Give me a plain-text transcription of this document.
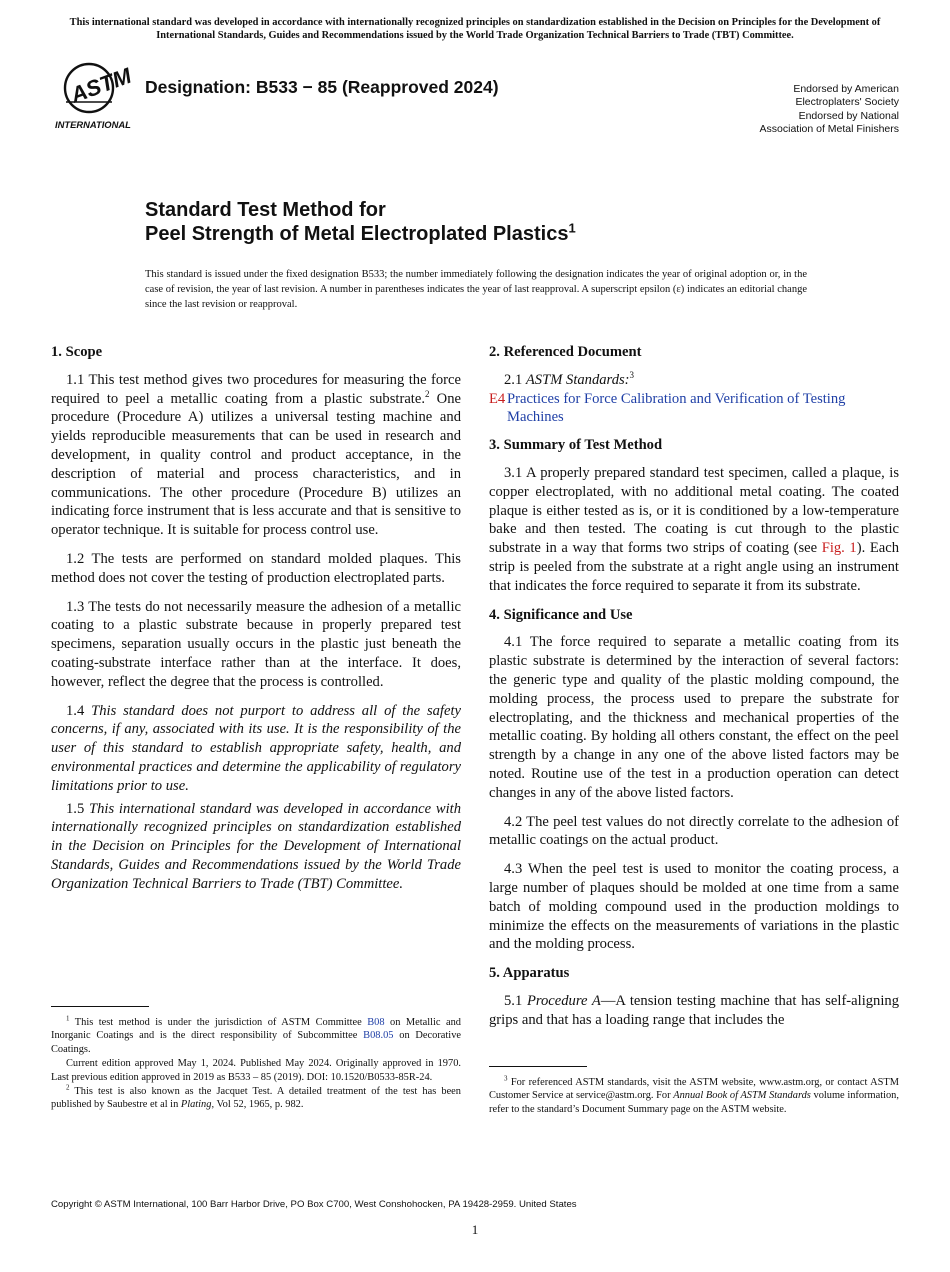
This international standard was developed in accordance with internationally recognized principles on standardization established in the Decision on Principles for the Development of International Standards, Guides and Recommendations issued by the World Trade Organization Technical Barriers to Trade (TBT) Committee.
ASTM
INTERNATIONAL
Designation: B533 − 85 (Reapproved 2024)	Endorsed by American
Electroplaters' Society
Endorsed by National
Association of Metal Finishers
Standard Test Method for
Peel Strength of Metal Electroplated Plastics$^1$
This standard is issued under the fixed designation B533; the number immediately following the designation indicates the year of original adoption or, in the case of revision, the year of last revision. A number in parentheses indicates the year of last reapproval. A superscript epsilon (ε) indicates an editorial change since the last revision or reapproval.
1. Scope

1.1 This test method gives two procedures for measuring the force required to peel a metallic coating from a plastic substrate.$^2$ One procedure (Procedure A) utilizes a universal testing machine and yields reproducible measurements that can be used in research and development, in quality control and product acceptance, in the description of material and process characteristics, and in communications. The other procedure (Procedure B) utilizes an indicating force instrument that is less accurate and that is sensitive to operator technique. It is suitable for process control use.

1.2 The tests are performed on standard molded plaques. This method does not cover the testing of production electroplated parts.

1.3 The tests do not necessarily measure the adhesion of a metallic coating to a plastic substrate because in properly prepared test specimens, separation usually occurs in the plastic just beneath the coating-substrate interface rather than at the interface. It does, however, reflect the degree that the process is controlled.

1.4 This standard does not purport to address all of the safety concerns, if any, associated with its use. It is the responsibility of the user of this standard to establish appropriate safety, health, and environmental practices and determine the applicability of regulatory limitations prior to use.

1.5 This international standard was developed in accordance with internationally recognized principles on standardization established in the Decision on Principles for the Development of International Standards, Guides and Recommendations issued by the World Trade Organization Technical Barriers to Trade (TBT) Committee.

2. Referenced Document

2.1 ASTM Standards:$^3$

E4 Practices for Force Calibration and Verification of Testing Machines
3. Summary of Test Method

3.1 A properly prepared standard test specimen, called a plaque, is copper electroplated, with no additional metal coating. The coated plaque is either tested as is, or it is conditioned by a low-temperature bake and then tested. The coating is cut through to the plastic substrate in a way that forms two strips of coating (see Fig. 1). Each strip is peeled from the substrate at a right angle using an instrument that indicates the force required to separate it from its substrate.

4. Significance and Use

4.1 The force required to separate a metallic coating from its plastic substrate is determined by the interaction of several factors: the generic type and quality of the plastic molding compound, the molding process, the process used to prepare the substrate for electroplating, and the thickness and mechanical properties of the metallic coating. By holding all others constant, the effect on the peel strength by a change in any one of the above listed factors may be noted. Routine use of the test in a production operation can detect changes in any of the above listed factors.

4.2 The peel test values do not directly correlate to the adhesion of metallic coatings on the actual product.

4.3 When the peel test is used to monitor the coating process, a large number of plaques should be molded at one time from a same batch of molding compound used in the production moldings to minimize the effects on the measurements of variations in the plastic and the molding process.

5. Apparatus

5.1 Procedure A—A tension testing machine that has self-aligning grips and that has a loading range that includes the

$^1$ This test method is under the jurisdiction of ASTM Committee B08 on Metallic and Inorganic Coatings and is the direct responsibility of Subcommittee B08.05 on Decorative Coatings.

Current edition approved May 1, 2024. Published May 2024. Originally approved in 1970. Last previous edition approved in 2019 as B533 – 85 (2019). DOI: 10.1520/B0533-85R-24.

$^2$ This test is also known as the Jacquet Test. A detailed treatment of the test has been published by Saubestre et al in Plating, Vol 52, 1965, p. 982.

$^3$ For referenced ASTM standards, visit the ASTM website, www.astm.org, or contact ASTM Customer Service at service@astm.org. For Annual Book of ASTM Standards volume information, refer to the standard’s Document Summary page on the ASTM website.

Copyright © ASTM International, 100 Barr Harbor Drive, PO Box C700, West Conshohocken, PA 19428-2959. United States
1
